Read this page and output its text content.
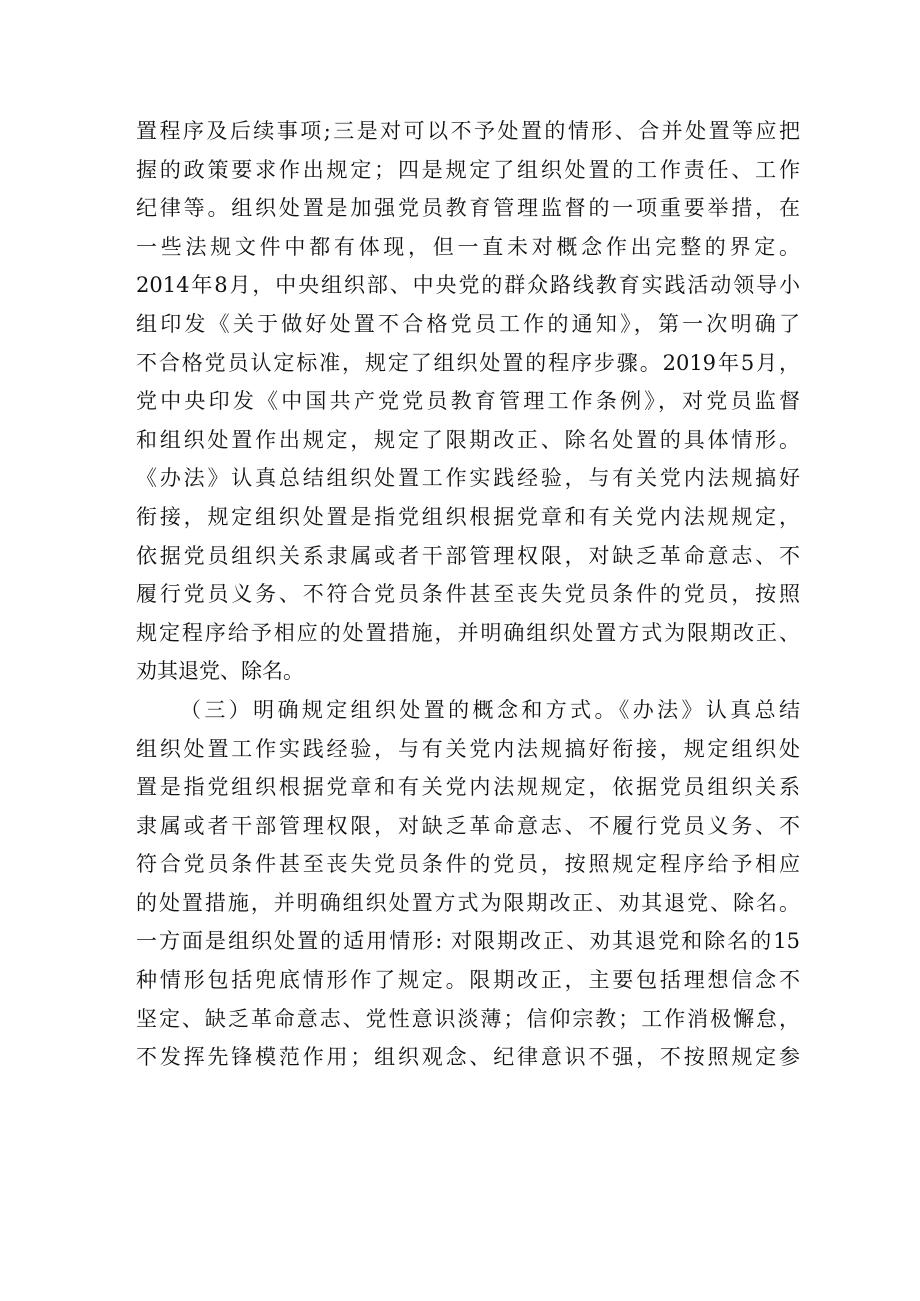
置程序及后续事项;三是对可以不予处置的情形、合并处置等应把
握的政策要求作出规定；四是规定了组织处置的工作责任、工作
纪律等。组织处置是加强党员教育管理监督的一项重要举措，在
一些法规文件中都有体现，但一直未对概念作出完整的界定。
2014年8月，中央组织部、中央党的群众路线教育实践活动领导小
组印发《关于做好处置不合格党员工作的通知》，第一次明确了
不合格党员认定标准，规定了组织处置的程序步骤。2019年5月，
党中央印发《中国共产党党员教育管理工作条例》，对党员监督
和组织处置作出规定，规定了限期改正、除名处置的具体情形。
《办法》认真总结组织处置工作实践经验，与有关党内法规搞好
衔接，规定组织处置是指党组织根据党章和有关党内法规规定，
依据党员组织关系隶属或者干部管理权限，对缺乏革命意志、不
履行党员义务、不符合党员条件甚至丧失党员条件的党员，按照
规定程序给予相应的处置措施，并明确组织处置方式为限期改正、
劝其退党、除名。
（三）明确规定组织处置的概念和方式。《办法》认真总结
组织处置工作实践经验，与有关党内法规搞好衔接，规定组织处
置是指党组织根据党章和有关党内法规规定，依据党员组织关系
隶属或者干部管理权限，对缺乏革命意志、不履行党员义务、不
符合党员条件甚至丧失党员条件的党员，按照规定程序给予相应
的处置措施，并明确组织处置方式为限期改正、劝其退党、除名。
一方面是组织处置的适用情形: 对限期改正、劝其退党和除名的15
种情形包括兜底情形作了规定。限期改正，主要包括理想信念不
坚定、缺乏革命意志、党性意识淡薄；信仰宗教；工作消极懈怠，
不发挥先锋模范作用；组织观念、纪律意识不强，不按照规定参
